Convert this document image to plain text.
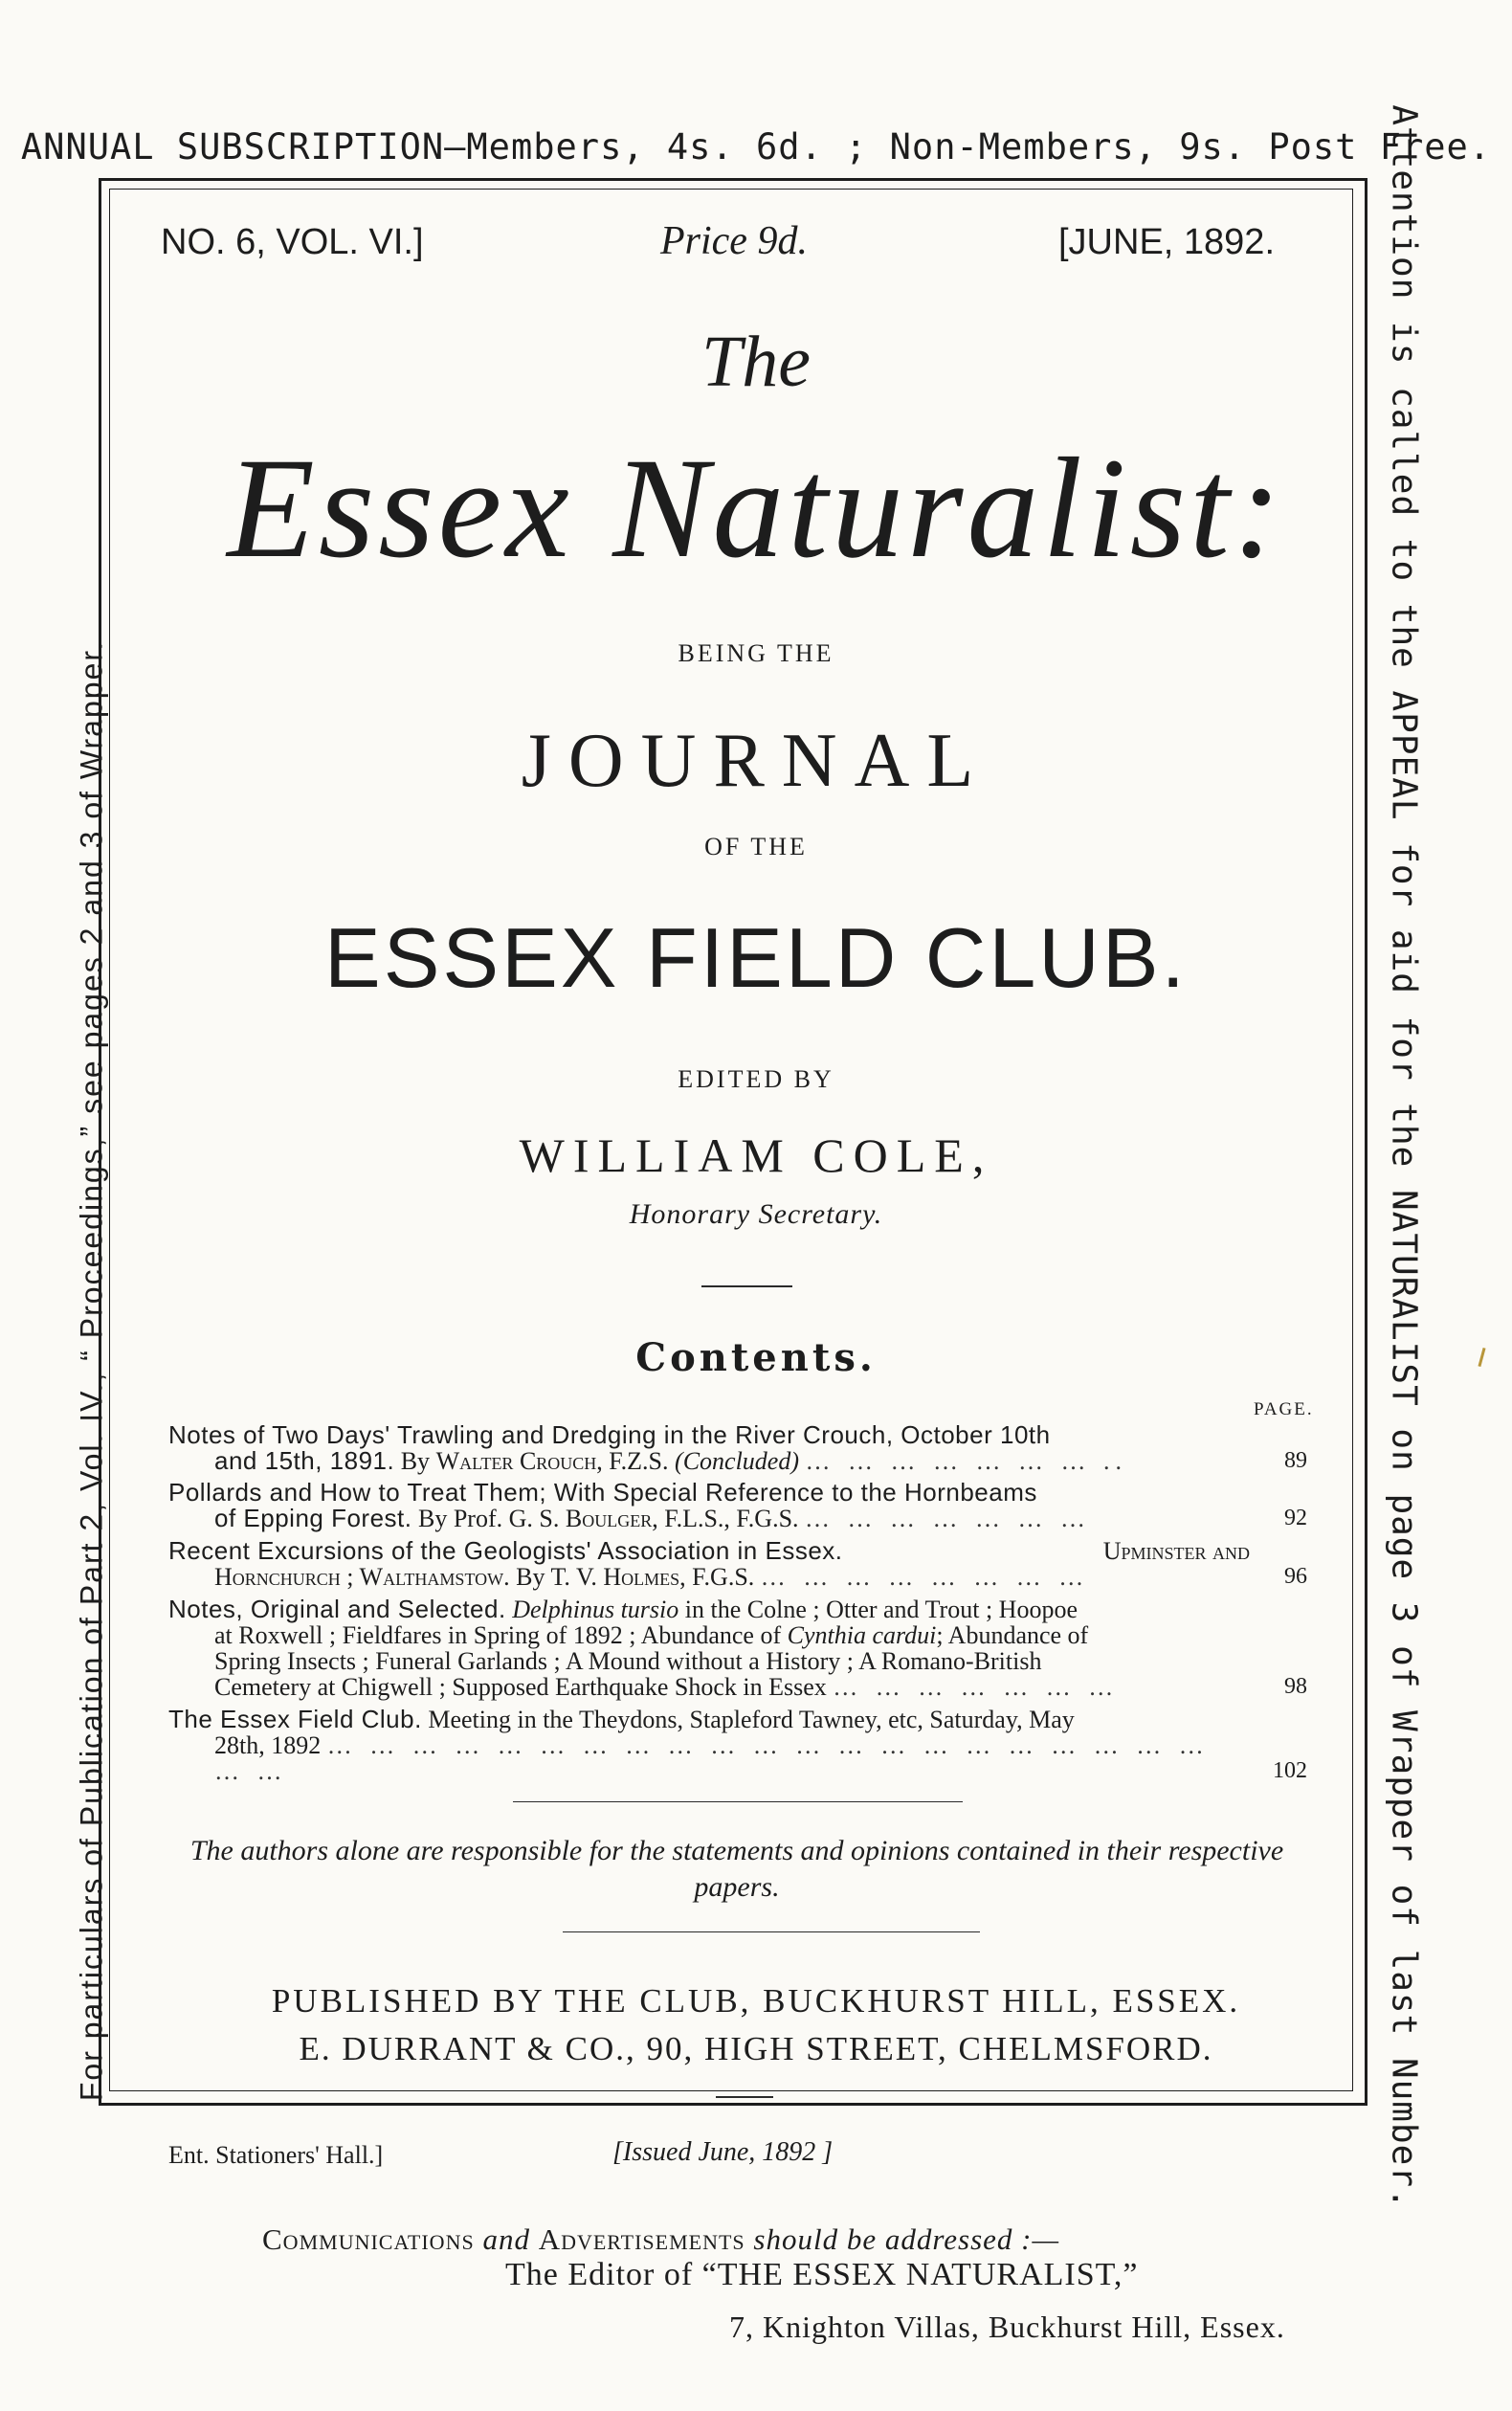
ANNUAL SUBSCRIPTION—Members, 4s. 6d. ; Non-Members, 9s. Post Free.
NO. 6, VOL. VI.]	Price 9d.	[JUNE, 1892.
The
Essex Naturalist:
BEING THE
JOURNAL
OF THE
ESSEX FIELD CLUB.
EDITED BY
WILLIAM COLE,
Honorary Secretary.
Contents.
PAGE.
Notes of Two Days' Trawling and Dredging in the River Crouch, October 10th
and 15th, 1891. By Walter Crouch, F.Z.S. (Concluded) … … … … … … … ..	89
Pollards and How to Treat Them; With Special Reference to the Hornbeams
of Epping Forest. By Prof. G. S. Boulger, F.L.S., F.G.S. … … … … … … …	92
Recent Excursions of the Geologists' Association in Essex.	Upminster and
Hornchurch ; Walthamstow. By T. V. Holmes, F.G.S. … … … … … … … …	96
Notes, Original and Selected. Delphinus tursio in the Colne ; Otter and Trout ; Hoopoe
at Roxwell ; Fieldfares in Spring of 1892 ; Abundance of Cynthia cardui; Abundance of
Spring Insects ; Funeral Garlands ; A Mound without a History ; A Romano-British
Cemetery at Chigwell ; Supposed Earthquake Shock in Essex … … … … … … …	98
The Essex Field Club. Meeting in the Theydons, Stapleford Tawney, etc, Saturday, May
28th, 1892 … … … … … … … … … … … … … … … … … … … … … … …	102
The authors alone are responsible for the statements and opinions contained in their respective papers.
PUBLISHED BY THE CLUB, BUCKHURST HILL, ESSEX.
E. DURRANT & CO., 90, HIGH STREET, CHELMSFORD.
Ent. Stationers' Hall.]	[Issued June, 1892 ]
Communications and Advertisements should be addressed :—
The Editor of “THE ESSEX NATURALIST,”
7, Knighton Villas, Buckhurst Hill, Essex.
For particulars of Publication of Part 2, Vol. IV., “ Proceedings,” see pages 2 and 3 of Wrapper.	Attention is called to the APPEAL for aid for the NATURALIST on page 3 of Wrapper of last Number.
